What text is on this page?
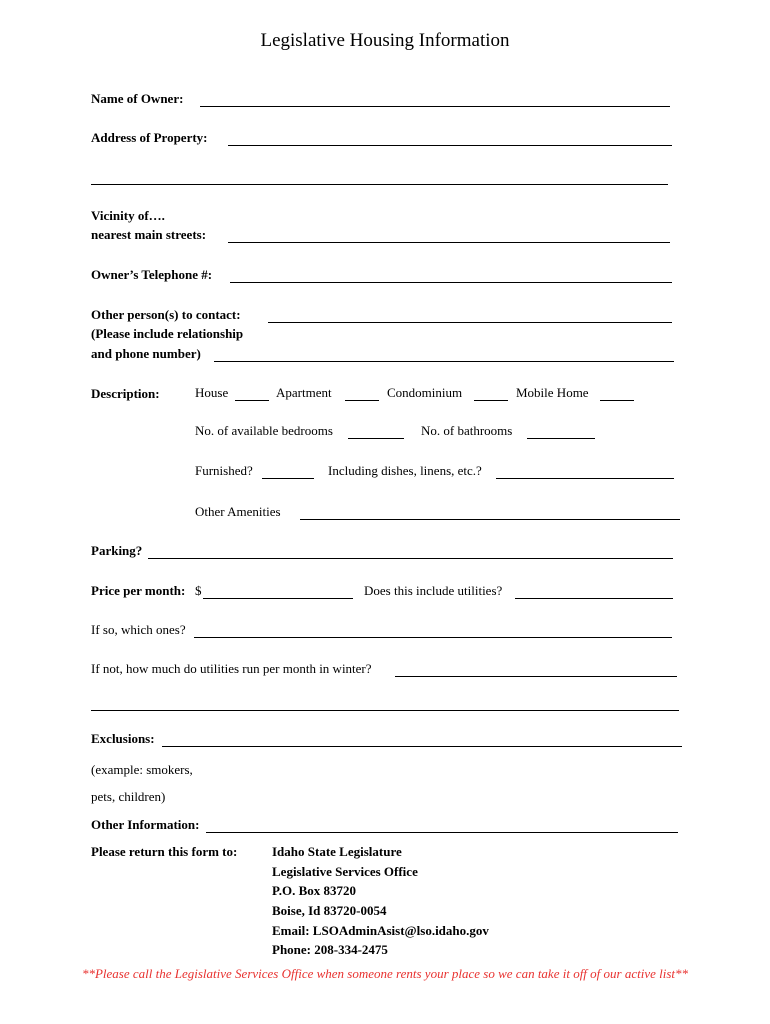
Legislative Housing Information
Name of Owner:
Address of Property:
Vicinity of….
nearest main streets:
Owner’s Telephone #:
Other person(s) to contact:
(Please include relationship
and phone number)
Description:	House	Apartment	Condominium	Mobile Home
No. of available bedrooms	No. of bathrooms
Furnished?	Including dishes, linens, etc.?
Other Amenities
Parking?
Price per month: $	Does this include utilities?
If so, which ones?
If not, how much do utilities run per month in winter?
Exclusions:
(example: smokers,
pets, children)
Other Information:
Please return this form to:	Idaho State Legislature
Legislative Services Office
P.O. Box 83720
Boise, Id 83720-0054
Email: LSOAdminAsist@lso.idaho.gov
Phone: 208-334-2475
**Please call the Legislative Services Office when someone rents your place so we can take it off of our active list**
